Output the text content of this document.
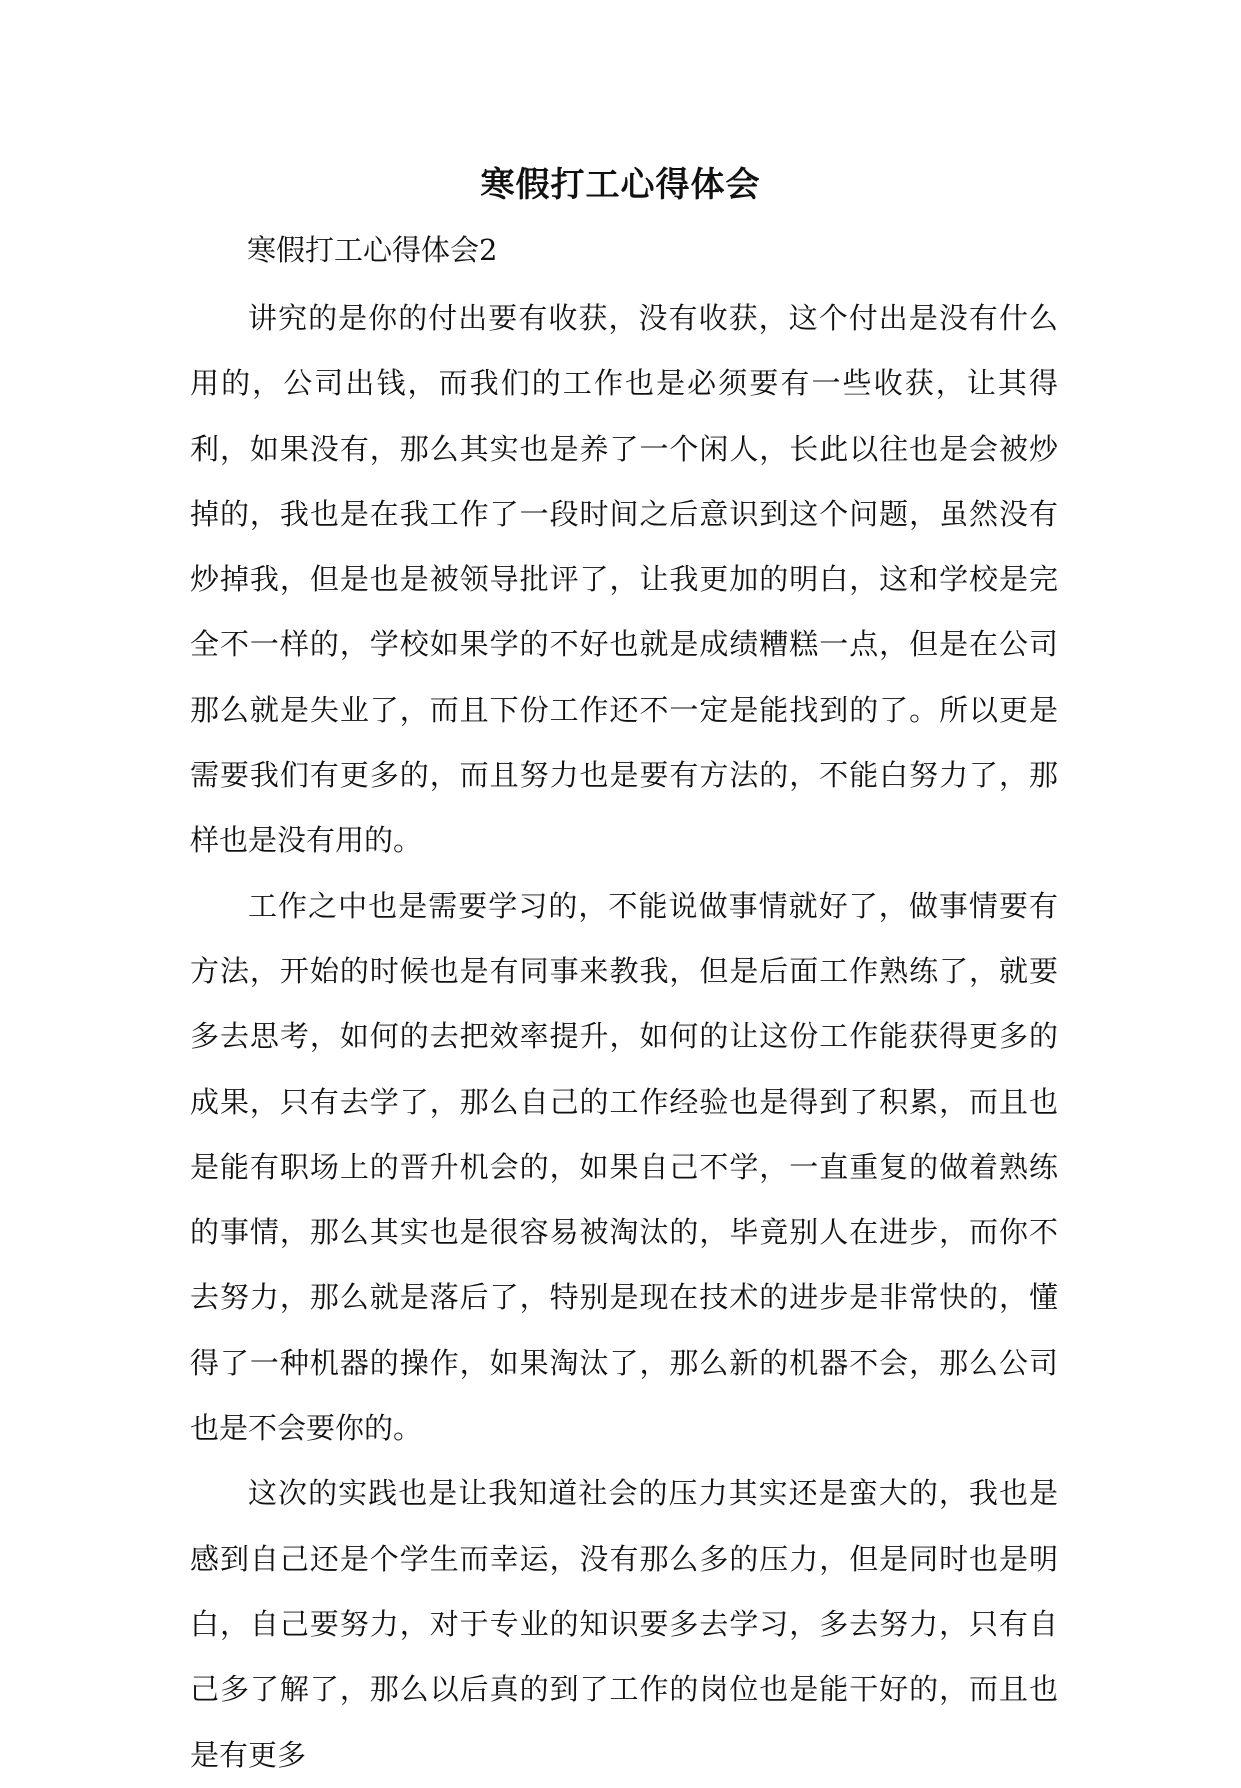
寒假打工心得体会
寒假打工心得体会2

讲究的是你的付出要有收获，没有收获，这个付出是没有什么用的，公司出钱，而我们的工作也是必须要有一些收获，让其得利，如果没有，那么其实也是养了一个闲人，长此以往也是会被炒掉的，我也是在我工作了一段时间之后意识到这个问题，虽然没有炒掉我，但是也是被领导批评了，让我更加的明白，这和学校是完全不一样的，学校如果学的不好也就是成绩糟糕一点，但是在公司那么就是失业了，而且下份工作还不一定是能找到的了。所以更是需要我们有更多的，而且努力也是要有方法的，不能白努力了，那样也是没有用的。

工作之中也是需要学习的，不能说做事情就好了，做事情要有方法，开始的时候也是有同事来教我，但是后面工作熟练了，就要多去思考，如何的去把效率提升，如何的让这份工作能获得更多的成果，只有去学了，那么自己的工作经验也是得到了积累，而且也是能有职场上的晋升机会的，如果自己不学，一直重复的做着熟练的事情，那么其实也是很容易被淘汰的，毕竟别人在进步，而你不去努力，那么就是落后了，特别是现在技术的进步是非常快的，懂得了一种机器的操作，如果淘汰了，那么新的机器不会，那么公司也是不会要你的。

这次的实践也是让我知道社会的压力其实还是蛮大的，我也是感到自己还是个学生而幸运，没有那么多的压力，但是同时也是明白，自己要努力，对于专业的知识要多去学习，多去努力，只有自己多了解了，那么以后真的到了工作的岗位也是能干好的，而且也是有更多
